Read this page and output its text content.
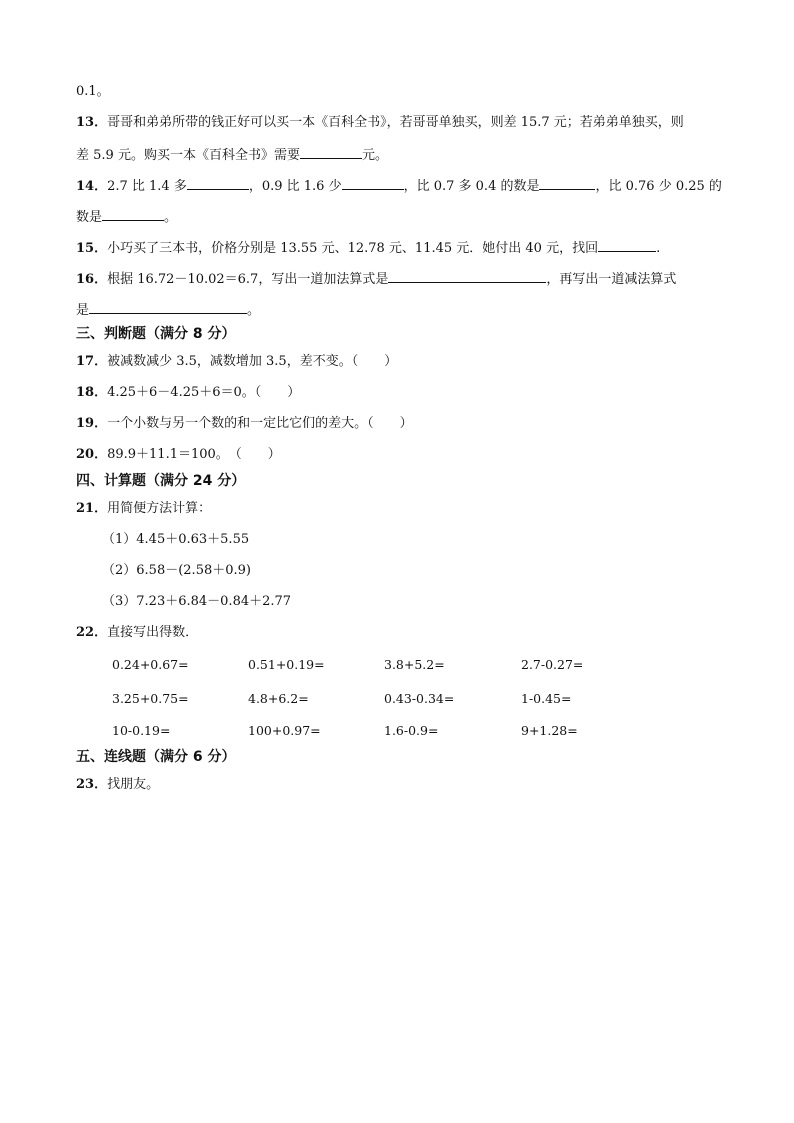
0.1。
13．哥哥和弟弟所带的钱正好可以买一本《百科全书》，若哥哥单独买，则差 15.7 元；若弟弟单独买，则
差 5.9 元。购买一本《百科全书》需要	元。
14．2.7 比 1.4 多	，0.9 比 1.6 少	，比 0.7 多 0.4 的数是	，比 0.76 少 0.25 的
数是	。
15．小巧买了三本书，价格分别是 13.55 元、12.78 元、11.45 元．她付出 40 元，找回	.
16．根据 16.72－10.02＝6.7，写出一道加法算式是	，再写出一道减法算式
是	。
三、判断题（满分 8 分）
17．被减数减少 3.5，减数增加 3.5，差不变。（　　）
18．4.25＋6－4.25＋6＝0。（　　）
19．一个小数与另一个数的和一定比它们的差大。（　　）
20．89.9＋11.1＝100。　（　　）
四、计算题（满分 24 分）
21．用简便方法计算：
（1）4.45＋0.63＋5.55
（2）6.58－(2.58＋0.9)
（3）7.23＋6.84－0.84＋2.77
22．直接写出得数．
0.24+0.67=	0.51+0.19=	3.8+5.2=	2.7-0.27=
3.25+0.75=	4.8+6.2=	0.43-0.34=	1-0.45=
10-0.19=	100+0.97=	1.6-0.9=	9+1.28=
五、连线题（满分 6 分）
23．找朋友。
